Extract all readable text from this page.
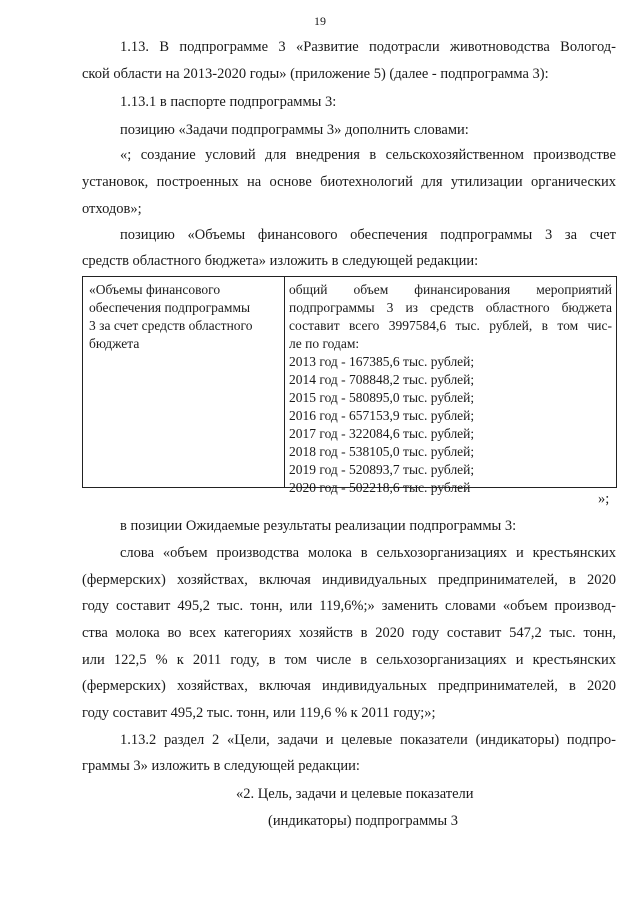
19
1.13. В подпрограмме 3 «Развитие подотрасли животноводства Вологод-
ской области на 2013-2020 годы» (приложение 5) (далее - подпрограмма 3):
1.13.1 в паспорте подпрограммы 3:
позицию «Задачи подпрограммы 3» дополнить словами:
«; создание условий для внедрения в сельскохозяйственном производстве
установок, построенных на основе биотехнологий для утилизации органических
отходов»;
позицию «Объемы финансового обеспечения подпрограммы 3 за счет
средств областного бюджета» изложить в следующей редакции:
«Объемы финансового
обеспечения подпрограммы
3 за счет средств областного
бюджета
общий объем финансирования мероприятий
подпрограммы 3 из средств областного бюджета
составит всего 3997584,6 тыс. рублей, в том чис-
ле по годам:
2013 год - 167385,6 тыс. рублей;
2014 год - 708848,2 тыс. рублей;
2015 год - 580895,0 тыс. рублей;
2016 год - 657153,9 тыс. рублей;
2017 год - 322084,6 тыс. рублей;
2018 год - 538105,0 тыс. рублей;
2019 год - 520893,7 тыс. рублей;
2020 год - 502218,6 тыс. рублей
»;
в позиции Ожидаемые результаты реализации подпрограммы 3:
слова «объем производства молока в сельхозорганизациях и крестьянских
(фермерских) хозяйствах, включая индивидуальных предпринимателей, в 2020
году составит 495,2 тыс. тонн, или 119,6%;» заменить словами «объем производ-
ства молока во всех категориях хозяйств в 2020 году составит 547,2 тыс. тонн,
или 122,5 % к 2011 году, в том числе в сельхозорганизациях и крестьянских
(фермерских) хозяйствах, включая индивидуальных предпринимателей, в 2020
году составит 495,2 тыс. тонн, или 119,6 % к 2011 году;»;
1.13.2 раздел 2 «Цели, задачи и целевые показатели (индикаторы) подпро-
граммы 3» изложить в следующей редакции:
«2. Цель, задачи и целевые показатели
(индикаторы) подпрограммы 3
